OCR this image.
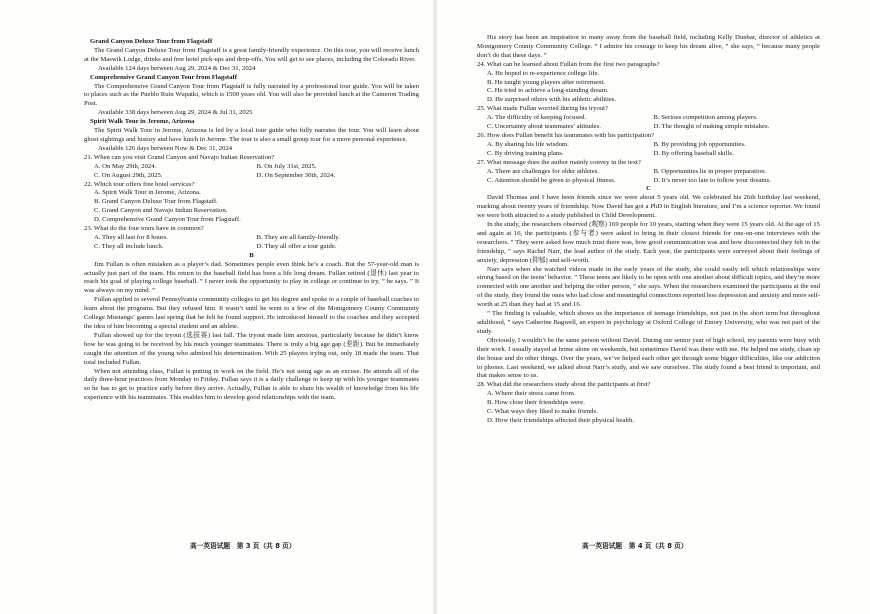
Grand Canyon Deluxe Tour from Flagstaff

The Grand Canyon Deluxe Tour from Flagstaff is a great family-friendly experience. On this tour, you will receive lunch at the Maswik Lodge, drinks and free hotel pick-ups and drop-offs. You will get to see places, including the Colorado River.

Available 124 days between Aug 29, 2024 & Dec 31, 2024

Comprehensive Grand Canyon Tour from Flagstaff

The Comprehensive Grand Canyon Tour from Flagstaff is fully narrated by a professional tour guide. You will be taken to places such as the Pueblo Ruin Wupatki, which is 1500 years old. You will also be provided lunch at the Cameron Trading Post.

Available 338 days between Aug 29, 2024 & Jul 31, 2025

Spirit Walk Tour in Jerome, Arizona

The Spirit Walk Tour in Jerome, Arizona is led by a local tour guide who fully narrates the tour. You will learn about ghost sightings and history and have lunch in Jerome. The tour is also a small group tour for a more personal experience.

Available 126 days between Now & Dec 31, 2024

21. When can you visit Grand Canyon and Navajo Indian Reservation?

A. On May 29th, 2024.	B. On July 31st, 2025.
C. On August 29th, 2025.	D. On September 30th, 2024.

22. Which tour offers free hotel services?

A. Spirit Walk Tour in Jerome, Arizona.
B. Grand Canyon Deluxe Tour from Flagstaff.
C. Grand Canyon and Navajo Indian Reservation.
D. Comprehensive Grand Canyon Tour from Flagstaff.

23. What do the four tours have in common?

A. They all last for 8 hours.	B. They are all family-friendly.
C. They all include lunch.	D. They all offer a tour guide.

B

Jim Fullan is often mistaken as a player’s dad. Sometimes people even think he’s a coach. But the 57-year-old man is actually just part of the team. His return to the baseball field has been a life long dream. Fullan retired (退休) last year to reach his goal of playing college baseball. ” I never took the opportunity to play in college or continue to try, ” he says. ” It was always on my mind. ”

Fullan applied to several Pennsylvania community colleges to get his degree and spoke to a couple of baseball coaches to learn about the programs. But they refused him. It wasn’t until he went to a few of the Montgomery County Community College Mustangs’ games last spring that he felt he found support. He introduced himself to the coaches and they accepted the idea of him becoming a special student and an athlete.

Fullan showed up for the tryout (选拔赛) last fall. The tryout made him anxious, particularly because he didn’t know how he was going to be received by his much younger teammates. There is truly a big age gap (差距). But he immediately caught the attention of the young who admired his determination. With 25 players trying out, only 18 made the team. That total included Fullan.

When not attending class, Fullan is putting in work on the field. He’s not using age as an excuse. He attends all of the daily three-hour practices from Monday to Friday. Fullan says it is a daily challenge to keep up with his younger teammates so he has to get to practice early before they arrive. Actually, Fullan is able to share his wealth of knowledge from his life experience with his teammates. This enables him to develop good relationships with the team.

His story has been an inspiration to many away from the baseball field, including Kelly Dunbar, director of athletics at Montgomery County Community College. ” I admire his courage to keep his dream alive, ” she says, ” because many people don’t do that these days. ”

24. What can be learned about Fullan from the first two paragraphs?

A. He hoped to re-experience college life.
B. He taught young players after retirement.
C. He tried to achieve a long-standing dream.
D. He surprised others with his athletic abilities.

25. What made Fullan worried during his tryout?

A. The difficulty of keeping focused.	B. Serious competition among players.
C. Uncertainty about teammates’ attitudes.	D. The thought of making simple mistakes.

26. How does Fullan benefit his teammates with his participation?

A. By sharing his life wisdom.	B. By providing job opportunities.
C. By driving training plans.	D. By offering baseball skills.

27. What message does the author mainly convey in the text?

A. There are challenges for older athletes.	B. Opportunities lie in proper preparation.
C. Attention should be given to physical fitness.	D. It’s never too late to follow your dreams.

C

David Thomas and I have been friends since we were about 5 years old. We celebrated his 26th birthday last weekend, marking about twenty years of friendship. Now David has got a PhD in English literature, and I’m a science reporter. We found we were both attracted to a study published in Child Development.

In the study, the researchers observed (观察) 169 people for 10 years, starting when they were 15 years old. At the age of 15 and again at 16, the participants (参与者) were asked to bring in their closest friends for one-on-one interviews with the researchers. ” They were asked how much trust there was, how good communication was and how disconnected they felt in the friendship, ” says Rachel Narr, the lead author of the study. Each year, the participants were surveyed about their feelings of anxiety, depression (抑郁) and self-worth.

Narr says when she watched videos made in the early years of the study, she could easily tell which relationships were strong based on the teens’ behavior. ” These teens are likely to be open with one another about difficult topics, and they’re more connected with one another and helping the other person, ” she says. When the researchers examined the participants at the end of the study, they found the ones who had close and meaningful connections reported less depression and anxiety and more self-worth at 25 than they had at 15 and 16.

” The finding is valuable, which shows us the importance of teenage friendships, not just in the short term but throughout adulthood, ” says Catherine Bagwell, an expert in psychology at Oxford College of Emory University, who was not part of the study.

Obviously, I wouldn’t be the same person without David. During our senior year of high school, my parents were busy with their work. I usually stayed at home alone on weekends, but sometimes David was there with me. He helped me study, clean up the house and do other things. Over the years, we’ve helped each other get through some bigger difficulties, like our addiction to phones. Last weekend, we talked about Narr’s study, and we saw ourselves. The study found a best friend is important, and that makes sense to us.

28. What did the researchers study about the participants at first?

A. Where their stress came from.
B. How close their friendships were.
C. What ways they liked to make friends.
D. How their friendships affected their physical health.
高一英语试题　第 3 页（共 8 页）	高一英语试题　第 4 页（共 8 页）
